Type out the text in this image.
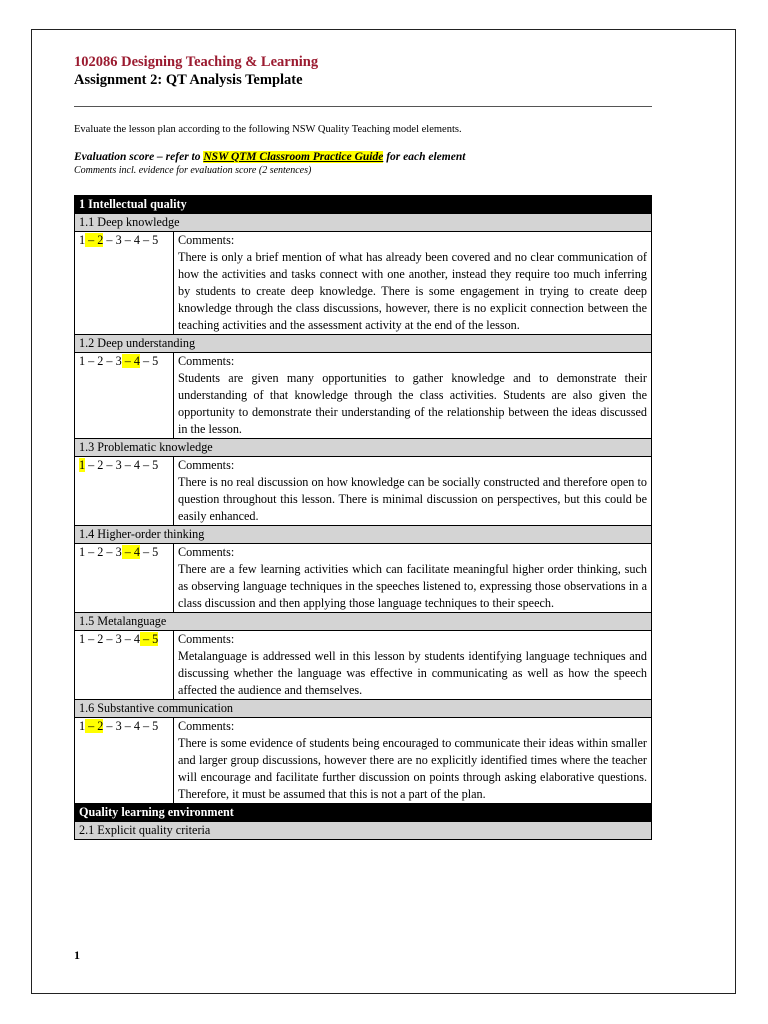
102086 Designing Teaching & Learning
Assignment 2: QT Analysis Template
Evaluate the lesson plan according to the following NSW Quality Teaching model elements.
Evaluation score – refer to NSW QTM Classroom Practice Guide for each element
Comments incl. evidence for evaluation score (2 sentences)
1 Intellectual quality	
1.1 Deep knowledge	
1 – 2 – 3 – 4 – 5	Comments:
There is only a brief mention of what has already been covered and no clear communication of how the activities and tasks connect with one another, instead they require too much inferring by students to create deep knowledge. There is some engagement in trying to create deep knowledge through the class discussions, however, there is no explicit connection between the teaching activities and the assessment activity at the end of the lesson.

1.2 Deep understanding	
1 – 2 – 3 – 4 – 5	Comments:
Students are given many opportunities to gather knowledge and to demonstrate their understanding of that knowledge through the class activities. Students are also given the opportunity to demonstrate their understanding of the relationship between the ideas discussed in the lesson.

1.3 Problematic knowledge	
1 – 2 – 3 – 4 – 5	Comments:
There is no real discussion on how knowledge can be socially constructed and therefore open to question throughout this lesson. There is minimal discussion on perspectives, but this could be easily enhanced.

1.4 Higher-order thinking	
1 – 2 – 3 – 4 – 5	Comments:
There are a few learning activities which can facilitate meaningful higher order thinking, such as observing language techniques in the speeches listened to, expressing those observations in a class discussion and then applying those language techniques to their speech.

1.5 Metalanguage	
1 – 2 – 3 – 4 – 5	Comments:
Metalanguage is addressed well in this lesson by students identifying language techniques and discussing whether the language was effective in communicating as well as how the speech affected the audience and themselves.

1.6 Substantive communication	
1 – 2 – 3 – 4 – 5	Comments:
There is some evidence of students being encouraged to communicate their ideas within smaller and larger group discussions, however there are no explicitly identified times where the teacher will encourage and facilitate further discussion on points through asking elaborative questions. Therefore, it must be assumed that this is not a part of the plan.

Quality learning environment	
2.1 Explicit quality criteria	
1
